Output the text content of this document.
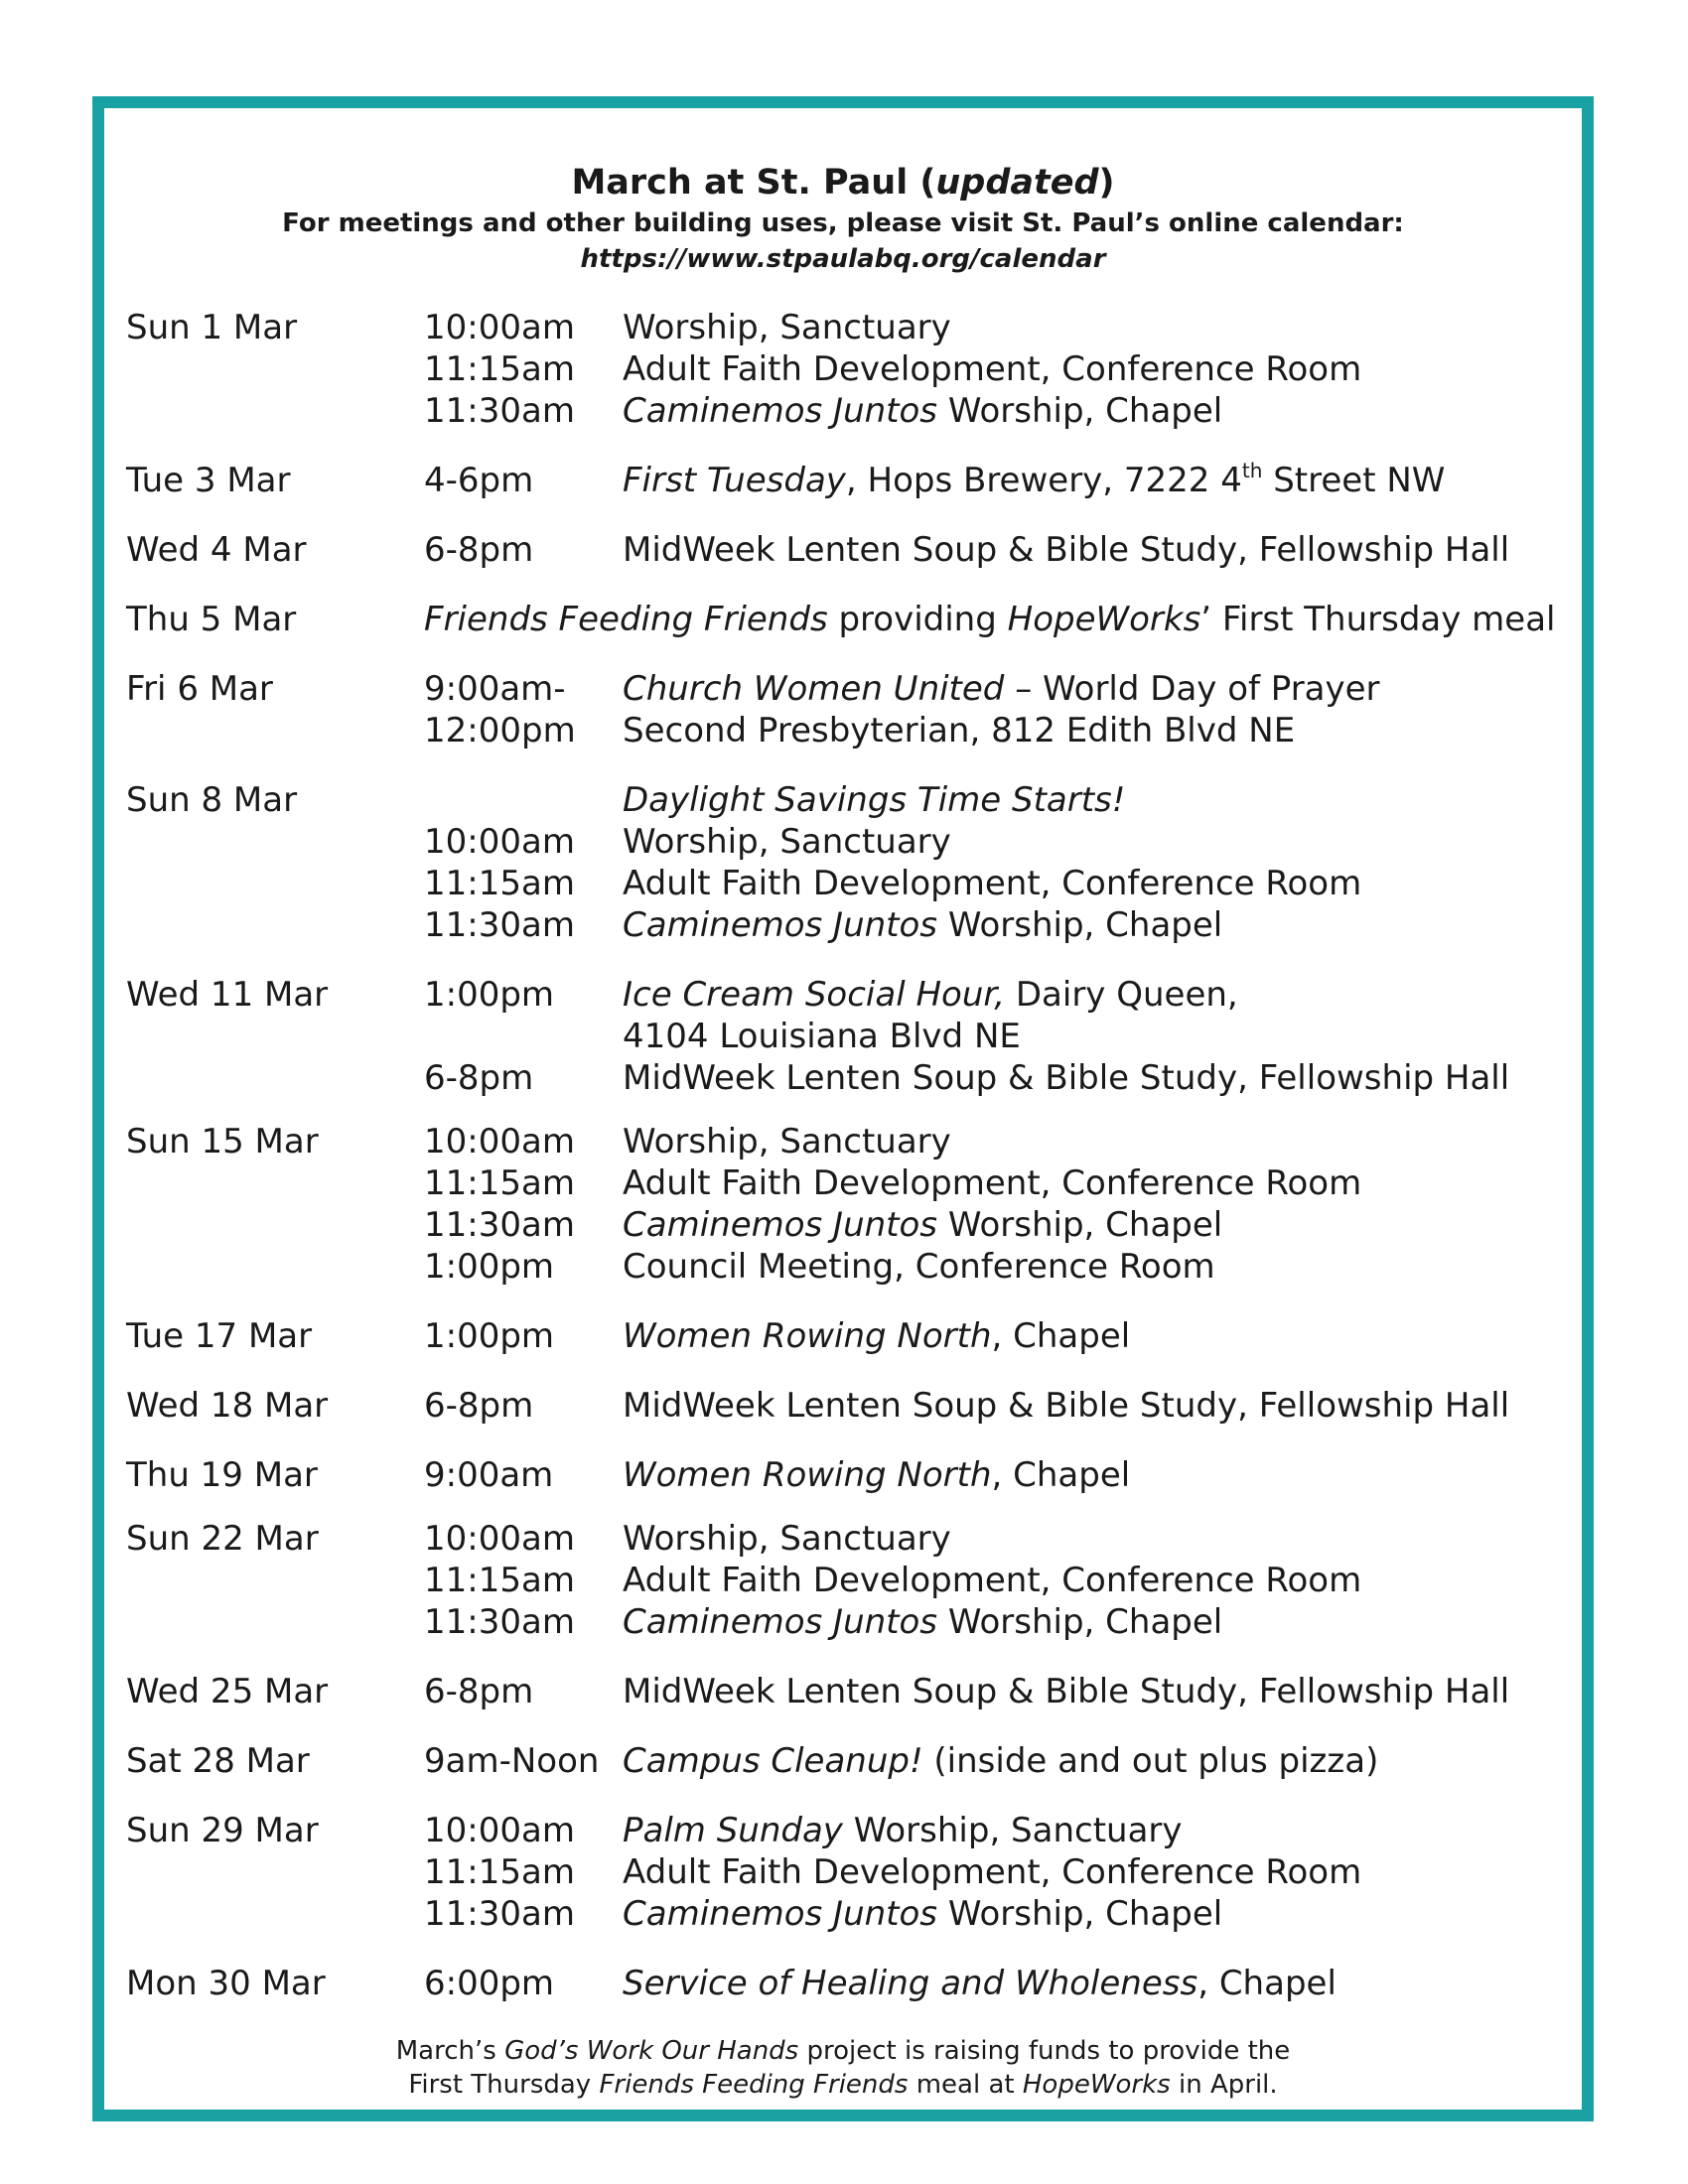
March at St. Paul (updated)
For meetings and other building uses, please visit St. Paul’s online calendar:
https://www.stpaulabq.org/calendar
Sun 1 Mar	10:00am Worship, Sanctuary
11:15am Adult Faith Development, Conference Room
11:30am Caminemos Juntos Worship, Chapel
Tue 3 Mar	4-6pm	First Tuesday, Hops Brewery, 7222 4th Street NW
Wed 4 Mar	6-8pm	MidWeek Lenten Soup & Bible Study, Fellowship Hall
Thu 5 Mar	Friends Feeding Friends providing HopeWorks’ First Thursday meal
Fri 6 Mar	9:00am- Church Women United – World Day of Prayer
12:00pm Second Presbyterian, 812 Edith Blvd NE
Sun 8 Mar	Daylight Savings Time Starts!
10:00am Worship, Sanctuary
11:15am Adult Faith Development, Conference Room
11:30am Caminemos Juntos Worship, Chapel
Wed 11 Mar	1:00pm Ice Cream Social Hour, Dairy Queen,
4104 Louisiana Blvd NE
6-8pm	MidWeek Lenten Soup & Bible Study, Fellowship Hall
Sun 15 Mar	10:00am Worship, Sanctuary
11:15am Adult Faith Development, Conference Room
11:30am Caminemos Juntos Worship, Chapel
1:00pm Council Meeting, Conference Room
Tue 17 Mar	1:00pm Women Rowing North, Chapel
Wed 18 Mar	6-8pm	MidWeek Lenten Soup & Bible Study, Fellowship Hall
Thu 19 Mar	9:00am Women Rowing North, Chapel
Sun 22 Mar	10:00am Worship, Sanctuary
11:15am Adult Faith Development, Conference Room
11:30am Caminemos Juntos Worship, Chapel
Wed 25 Mar	6-8pm	MidWeek Lenten Soup & Bible Study, Fellowship Hall
Sat 28 Mar	9am-Noon Campus Cleanup! (inside and out plus pizza)
Sun 29 Mar	10:00am Palm Sunday Worship, Sanctuary
11:15am Adult Faith Development, Conference Room
11:30am Caminemos Juntos Worship, Chapel
Mon 30 Mar	6:00pm Service of Healing and Wholeness, Chapel
March’s God’s Work Our Hands project is raising funds to provide the
First Thursday Friends Feeding Friends meal at HopeWorks in April.
